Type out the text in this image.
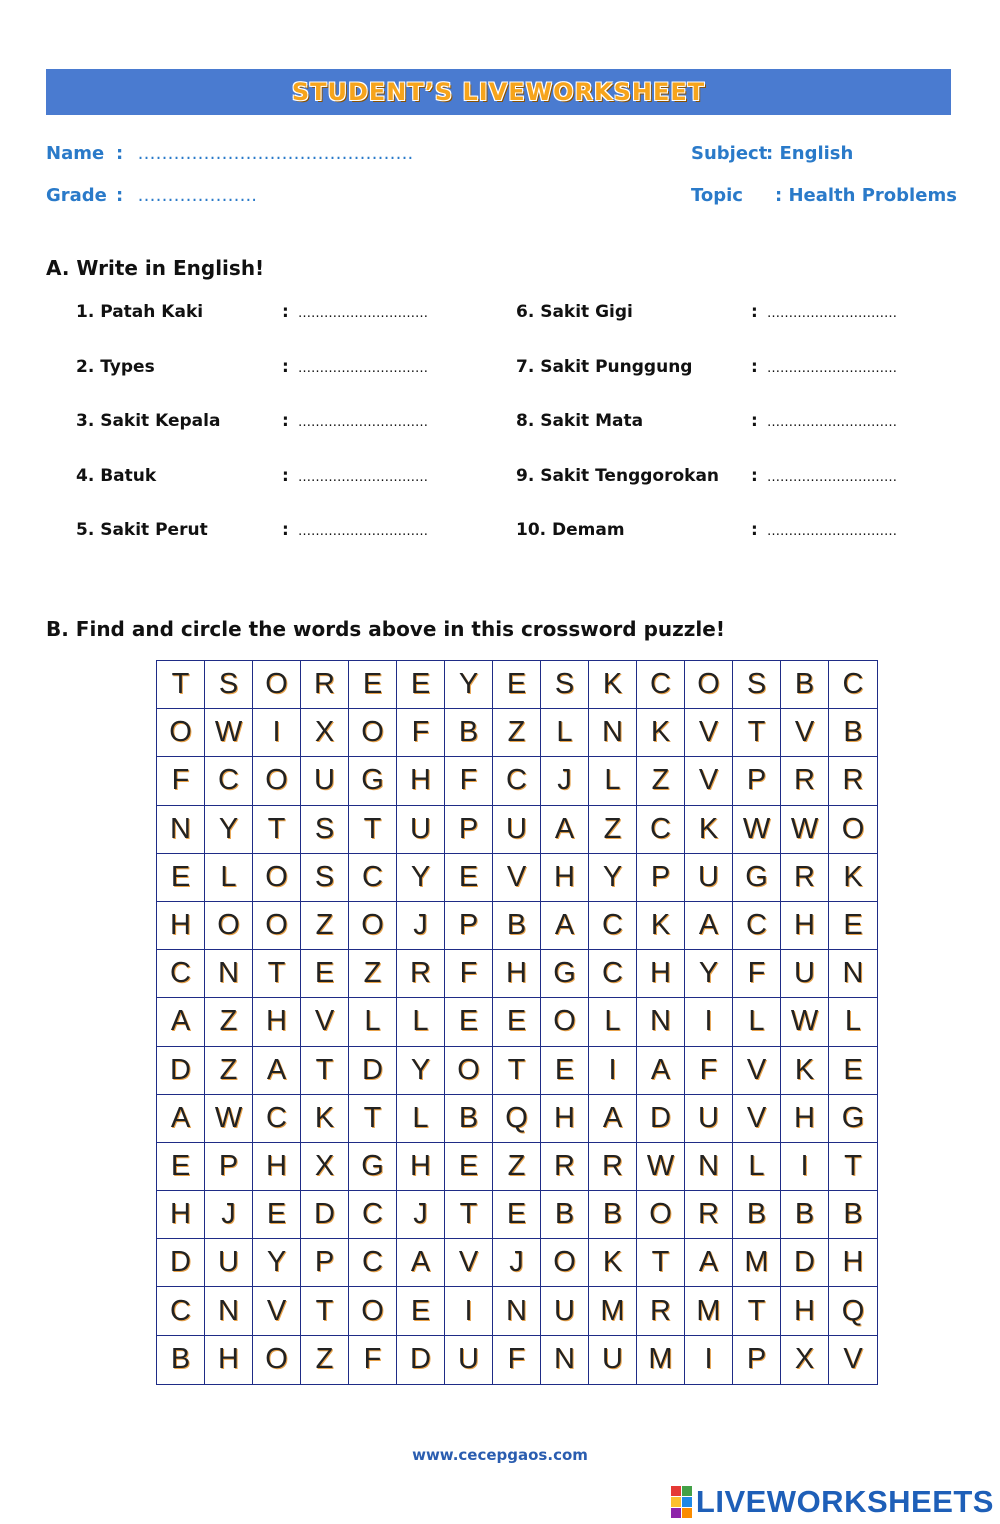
STUDENT’S LIVEWORKSHEET
Name : ……………………………………….
Grade : ………………..
Subject: English
Topic : Health Problems
A. Write in English!
1. Patah Kaki	: …………………………
2. Types	: …………………………
3. Sakit Kepala	: …………………………
4. Batuk	: …………………………
5. Sakit Perut	: …………………………
6. Sakit Gigi	: …………………………
7. Sakit Punggung	: …………………………
8. Sakit Mata	: …………………………
9. Sakit Tenggorokan : …………………………
10. Demam	: …………………………
B. Find and circle the words above in this crossword puzzle!
T	S O R E E Y E S K C O S B C
O W	I	X O F	B	Z	L	N K V	T	V	B
F C O U G H F C	J	L	Z	V P R R
N Y	T	S	T U P U A	Z C K W W O
E	L O S C Y E V H Y P U G R K
H O O Z O	J	P B A C K A C H E
C N T	E	Z R F H G C H Y	F U N
A	Z H V	L	L	E E O L	N	I	L W L
D Z	A	T D Y O T	E	I	A	F	V K	E
A W C K	T	L	B Q H A D U V H G
E P H X G H E	Z R R W N	L	I	T
H	J	E D C	J	T	E B B O R B B	B
D U Y P C A V	J	O K	T	A M D H
C N V	T O E	I	N U M R M T H Q
B H O Z	F D U F N U M	I	P X	V
www.cecepgaos.com
LIVEWORKSHEETS
